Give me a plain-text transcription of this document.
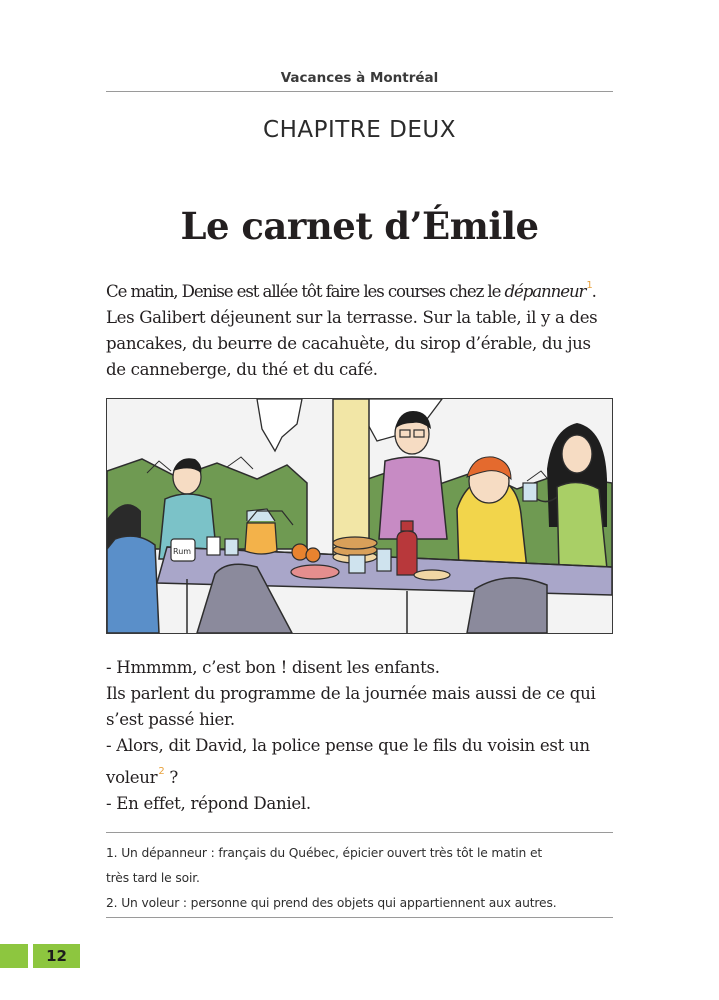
Vacances à Montréal
CHAPITRE DEUX
Le carnet d’Émile

Ce matin, Denise est allée tôt faire les courses chez le dépanneur$^1$.
Les Galibert déjeunent sur la terrasse. Sur la table, il y a des
pancakes, du beurre de cacahuète, du sirop d’érable, du jus
de canneberge, du thé et du café.

Rum

- Hmmmm, c’est bon ! disent les enfants.
Ils parlent du programme de la journée mais aussi de ce qui
s’est passé hier.
- Alors, dit David, la police pense que le fils du voisin est un
voleur$^2$ ?
- En effet, répond Daniel.

1. Un dépanneur : français du Québec, épicier ouvert très tôt le matin et
très tard le soir.
2. Un voleur : personne qui prend des objets qui appartiennent aux autres.

12
